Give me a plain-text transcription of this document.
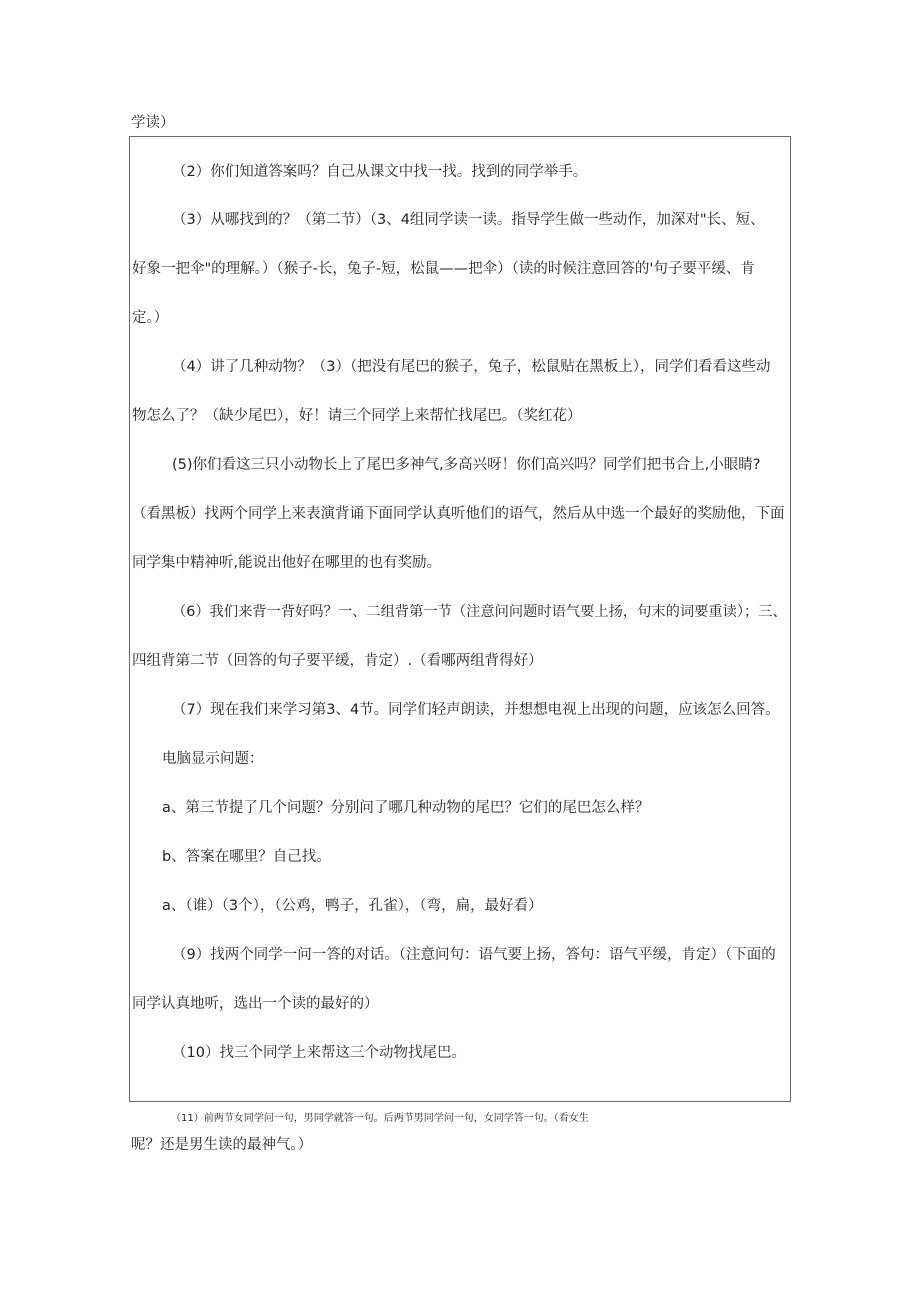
学读）
（2）你们知道答案吗？自己从课文中找一找。找到的同学举手。
（3）从哪找到的？（第二节）（3、4组同学读一读。指导学生做一些动作，加深对"长、短、
好象一把伞"的理解。）（猴子-长，兔子-短，松鼠——把伞）（读的时候注意回答的'句子要平缓、肯
定。）
（4）讲了几种动物？（3）（把没有尾巴的猴子，兔子，松鼠贴在黑板上），同学们看看这些动
物怎么了？（缺少尾巴），好！请三个同学上来帮忙找尾巴。（奖红花）
(5)你们看这三只小动物长上了尾巴多神气,多高兴呀！你们高兴吗？同学们把书合上,小眼睛?
（看黑板）找两个同学上来表演背诵下面同学认真听他们的语气，然后从中选一个最好的奖励他，下面
同学集中精神听,能说出他好在哪里的也有奖励。
（6）我们来背一背好吗？一、二组背第一节（注意问问题时语气要上扬，句末的词要重读）；三、
四组背第二节（回答的句子要平缓，肯定）.（看哪两组背得好）
（7）现在我们来学习第3、4节。同学们轻声朗读，并想想电视上出现的问题，应该怎么回答。
电脑显示问题：
a、第三节提了几个问题？分别问了哪几种动物的尾巴？它们的尾巴怎么样？
b、答案在哪里？自己找。
a、（谁）（3个），（公鸡，鸭子，孔雀），（弯，扁，最好看）
（9）找两个同学一问一答的对话。（注意问句：语气要上扬，答句：语气平缓，肯定）（下面的
同学认真地听，选出一个读的最好的）
（10）找三个同学上来帮这三个动物找尾巴。
（11）前两节女同学问一句，男同学就答一句。后两节男同学问一句，女同学答一句。（看女生
呢？还是男生读的最神气。）
